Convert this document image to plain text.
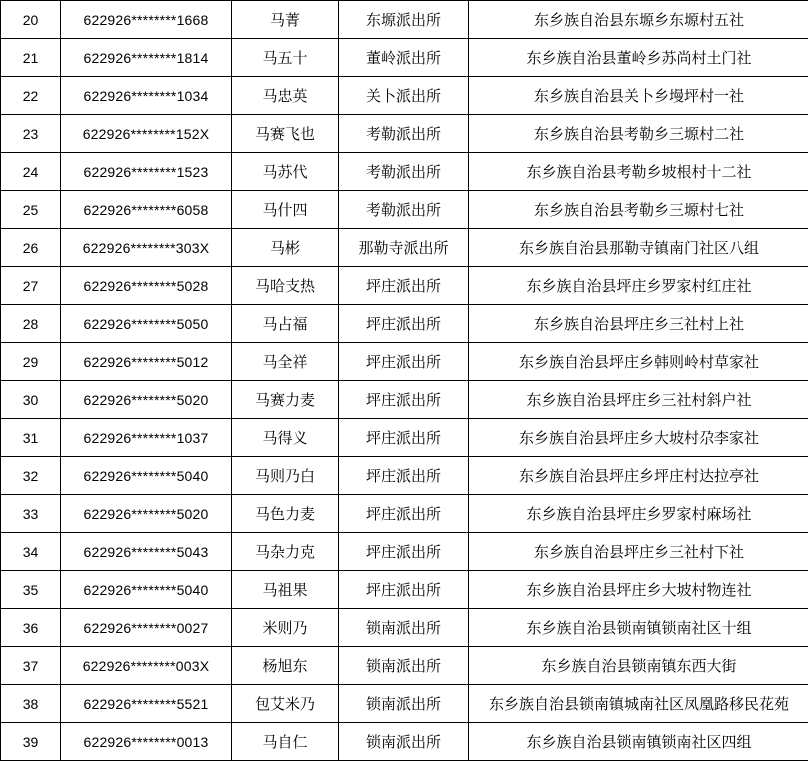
20	622926********1668	马菁	东塬派出所	东乡族自治县东塬乡东塬村五社
21	622926********1814	马五十	董岭派出所	东乡族自治县董岭乡苏尚村土门社
22	622926********1034	马忠英	关卜派出所	东乡族自治县关卜乡墁坪村一社
23	622926********152X	马赛飞也	考勒派出所	东乡族自治县考勒乡三塬村二社
24	622926********1523	马苏代	考勒派出所	东乡族自治县考勒乡坡根村十二社
25	622926********6058	马什四	考勒派出所	东乡族自治县考勒乡三塬村七社
26	622926********303X	马彬	那勒寺派出所	东乡族自治县那勒寺镇南门社区八组
27	622926********5028	马哈支热	坪庄派出所	东乡族自治县坪庄乡罗家村红庄社
28	622926********5050	马占福	坪庄派出所	东乡族自治县坪庄乡三社村上社
29	622926********5012	马全祥	坪庄派出所	东乡族自治县坪庄乡韩则岭村草家社
30	622926********5020	马赛力麦	坪庄派出所	东乡族自治县坪庄乡三社村斜户社
31	622926********1037	马得义	坪庄派出所	东乡族自治县坪庄乡大坡村尕李家社
32	622926********5040	马则乃白	坪庄派出所	东乡族自治县坪庄乡坪庄村达拉亭社
33	622926********5020	马色力麦	坪庄派出所	东乡族自治县坪庄乡罗家村麻场社
34	622926********5043	马杂力克	坪庄派出所	东乡族自治县坪庄乡三社村下社
35	622926********5040	马祖果	坪庄派出所	东乡族自治县坪庄乡大坡村物连社
36	622926********0027	米则乃	锁南派出所	东乡族自治县锁南镇锁南社区十组
37	622926********003X	杨旭东	锁南派出所	东乡族自治县锁南镇东西大街
38	622926********5521	包艾米乃	锁南派出所	东乡族自治县锁南镇城南社区凤凰路移民花苑
39	622926********0013	马自仁	锁南派出所	东乡族自治县锁南镇锁南社区四组
